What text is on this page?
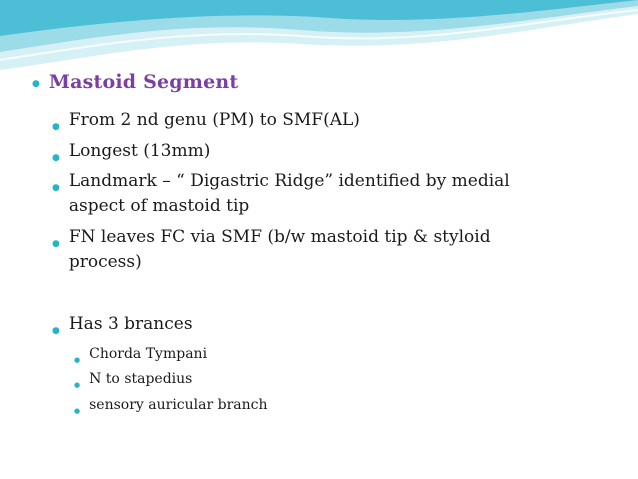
● Mastoid Segment
● From 2 nd genu (PM) to SMF(AL)
● Longest (13mm)
● Landmark – “ Digastric Ridge” identified by medial aspect of mastoid tip
● FN leaves FC via SMF (b/w mastoid tip & styloid process)
● Has 3 brances
● Chorda Tympani
● N to stapedius
● sensory auricular branch
